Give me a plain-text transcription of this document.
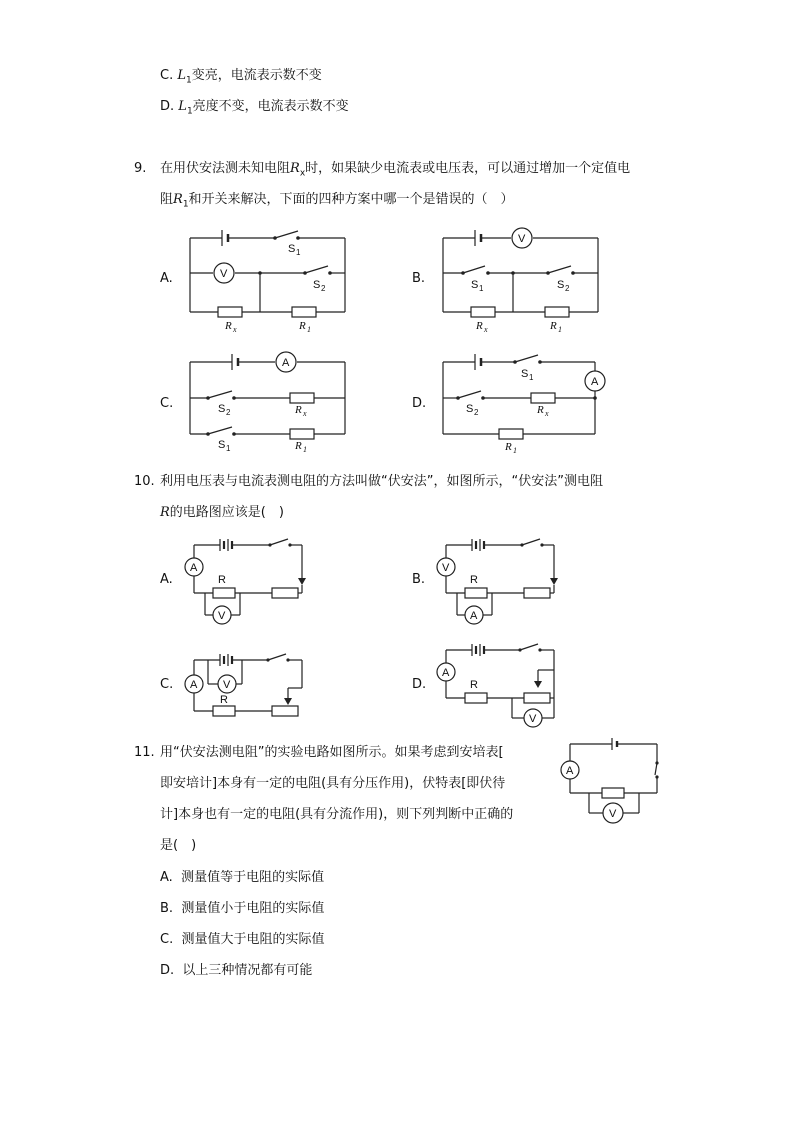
C. $L_1$变亮，电流表示数不变
D. $L_1$亮度不变，电流表示数不变
9. 在用伏安法测未知电阻$R_x$时，如果缺少电流表或电压表，可以通过增加一个定值电
阻$R_1$和开关来解决，下面的四种方案中哪一个是错误的（　）
A.	B.
C.	D.
V
S 1
S 2
R x	R 1
V
S 1	S 2
R x	R 1
A
S 2	R x
S 1	R 1
A
S 1
S 2	R x
R 1
10. 利用电压表与电流表测电阻的方法叫做“伏安法”，如图所示，“伏安法”测电阻
R的电路图应该是(　)
A.	B.
C.	D.
A
R
V
V
R
A
A V
R
A
R
V
11. 用“伏安法测电阻”的实验电路如图所示。如果考虑到安培表[
即安培计]本身有一定的电阻(具有分压作用)，伏特表[即伏待
计]本身也有一定的电阻(具有分流作用)，则下列判断中正确的
是(　)
A. 测量值等于电阻的实际值
B. 测量值小于电阻的实际值
C. 测量值大于电阻的实际值
D. 以上三种情况都有可能
A
V
